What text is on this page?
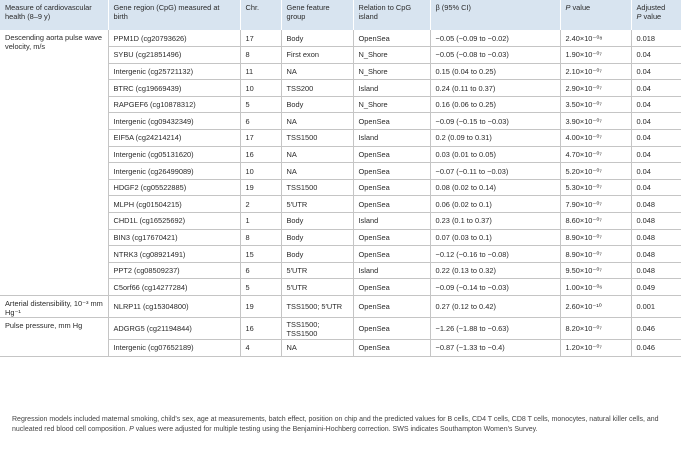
Measure of cardiovascular health (8–9 y)	Gene region (CpG) measured at birth	Chr.	Gene feature group	Relation to CpG island	β (95% CI)	P value	Adjusted
P value
Descending aorta pulse wave velocity, m/s	PPM1D (cg20793626)	17	Body	OpenSea	−0.05 (−0.09 to −0.02)	2.40×10⁻⁰⁸	0.018
	SYBU (cg21851496)	8	First exon	N_Shore	−0.05 (−0.08 to −0.03)	1.90×10⁻⁰⁷	0.04
	Intergenic (cg25721132)	11	NA	N_Shore	0.15 (0.04 to 0.25)	2.10×10⁻⁰⁷	0.04
	BTRC (cg19669439)	10	TSS200	Island	0.24 (0.11 to 0.37)	2.90×10⁻⁰⁷	0.04
	RAPGEF6 (cg10878312)	5	Body	N_Shore	0.16 (0.06 to 0.25)	3.50×10⁻⁰⁷	0.04
	Intergenic (cg09432349)	6	NA	OpenSea	−0.09 (−0.15 to −0.03)	3.90×10⁻⁰⁷	0.04
	EIF5A (cg24214214)	17	TSS1500	Island	0.2 (0.09 to 0.31)	4.00×10⁻⁰⁷	0.04
	Intergenic (cg05131620)	16	NA	OpenSea	0.03 (0.01 to 0.05)	4.70×10⁻⁰⁷	0.04
	Intergenic (cg26499089)	10	NA	OpenSea	−0.07 (−0.11 to −0.03)	5.20×10⁻⁰⁷	0.04
	HDGF2 (cg05522885)	19	TSS1500	OpenSea	0.08 (0.02 to 0.14)	5.30×10⁻⁰⁷	0.04
	MLPH (cg01504215)	2	5′UTR	OpenSea	0.06 (0.02 to 0.1)	7.90×10⁻⁰⁷	0.048
	CHD1L (cg16525692)	1	Body	Island	0.23 (0.1 to 0.37)	8.60×10⁻⁰⁷	0.048
	BIN3 (cg17670421)	8	Body	OpenSea	0.07 (0.03 to 0.1)	8.90×10⁻⁰⁷	0.048
	NTRK3 (cg08921491)	15	Body	OpenSea	−0.12 (−0.16 to −0.08)	8.90×10⁻⁰⁷	0.048
	PPT2 (cg08509237)	6	5′UTR	Island	0.22 (0.13 to 0.32)	9.50×10⁻⁰⁷	0.048
	C5orf66 (cg14277284)	5	5′UTR	OpenSea	−0.09 (−0.14 to −0.03)	1.00×10⁻⁰⁶	0.049
Arterial distensibility, 10⁻³ mm Hg⁻¹	NLRP11 (cg15304800)	19	TSS1500; 5′UTR	OpenSea	0.27 (0.12 to 0.42)	2.60×10⁻¹⁰	0.001
Pulse pressure, mm Hg	ADGRG5 (cg21194844)	16	TSS1500; TSS1500	OpenSea	−1.26 (−1.88 to −0.63)	8.20×10⁻⁰⁷	0.046
	Intergenic (cg07652189)	4	NA	OpenSea	−0.87 (−1.33 to −0.4)	1.20×10⁻⁰⁷	0.046
Regression models included maternal smoking, child's sex, age at measurements, batch effect, position on chip and the predicted values for B cells, CD4 T cells, CD8 T cells, monocytes, natural killer cells, and nucleated red blood cell composition. P values were adjusted for multiple testing using the Benjamini-Hochberg correction. SWS indicates Southampton Women's Survey.
